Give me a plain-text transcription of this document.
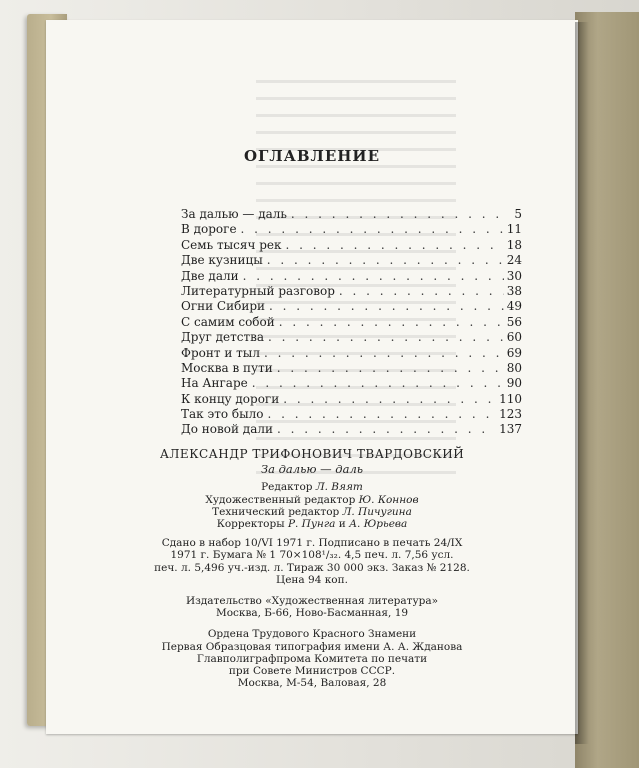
ОГЛАВЛЕНИЕ
За далью — даль . . .	5
В дороге . . .	11
Семь тысяч рек . . .	18
Две кузницы . . .	24
Две дали . . .	30
Литературный разговор . . .	38
Огни Сибири . . .	49
С самим собой . . .	56
Друг детства . . .	60
Фронт и тыл . . .	69
Москва в пути . . .	80
На Ангаре . . .	90
К концу дороги . . .	110
Так это было . . .	123
До новой дали . . .	137

АЛЕКСАНДР ТРИФОНОВИЧ ТВАРДОВСКИЙ

За далью — даль

Редактор Л. Вяят

Художественный редактор Ю. Коннов

Технический редактор Л. Пичугина

Корректоры Р. Пунга и А. Юрьева

Сдано в набор 10/VI 1971 г. Подписано в печать 24/IX

1971 г. Бумага № 1 70×108¹/₃₂. 4,5 печ. л. 7,56 усл.

печ. л. 5,496 уч.-изд. л. Тираж 30 000 экз. Заказ № 2128.

Цена 94 коп.

Издательство «Художественная литература»

Москва, Б-66, Ново-Басманная, 19

Ордена Трудового Красного Знамени

Первая Образцовая типография имени А. А. Жданова

Главполиграфпрома Комитета по печати

при Совете Министров СССР.

Москва, М-54, Валовая, 28
